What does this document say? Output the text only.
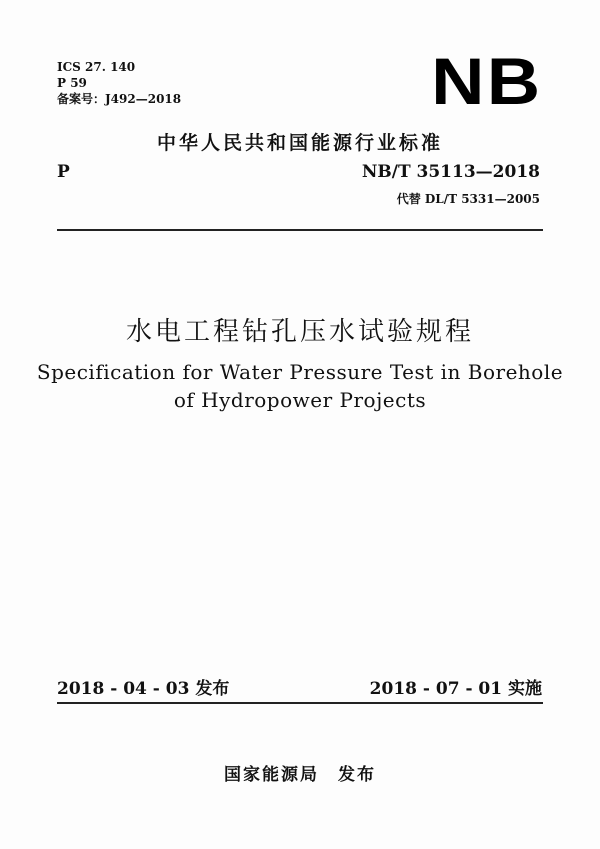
ICS 27. 140
P 59
备案号：J492—2018	NB
中华人民共和国能源行业标准
P	NB/T 35113—2018
代替 DL/T 5331—2005
水电工程钻孔压水试验规程
Specification for Water Pressure Test in Borehole
of Hydropower Projects
2018 - 04 - 03 发布	2018 - 07 - 01 实施
国家能源局　发布
